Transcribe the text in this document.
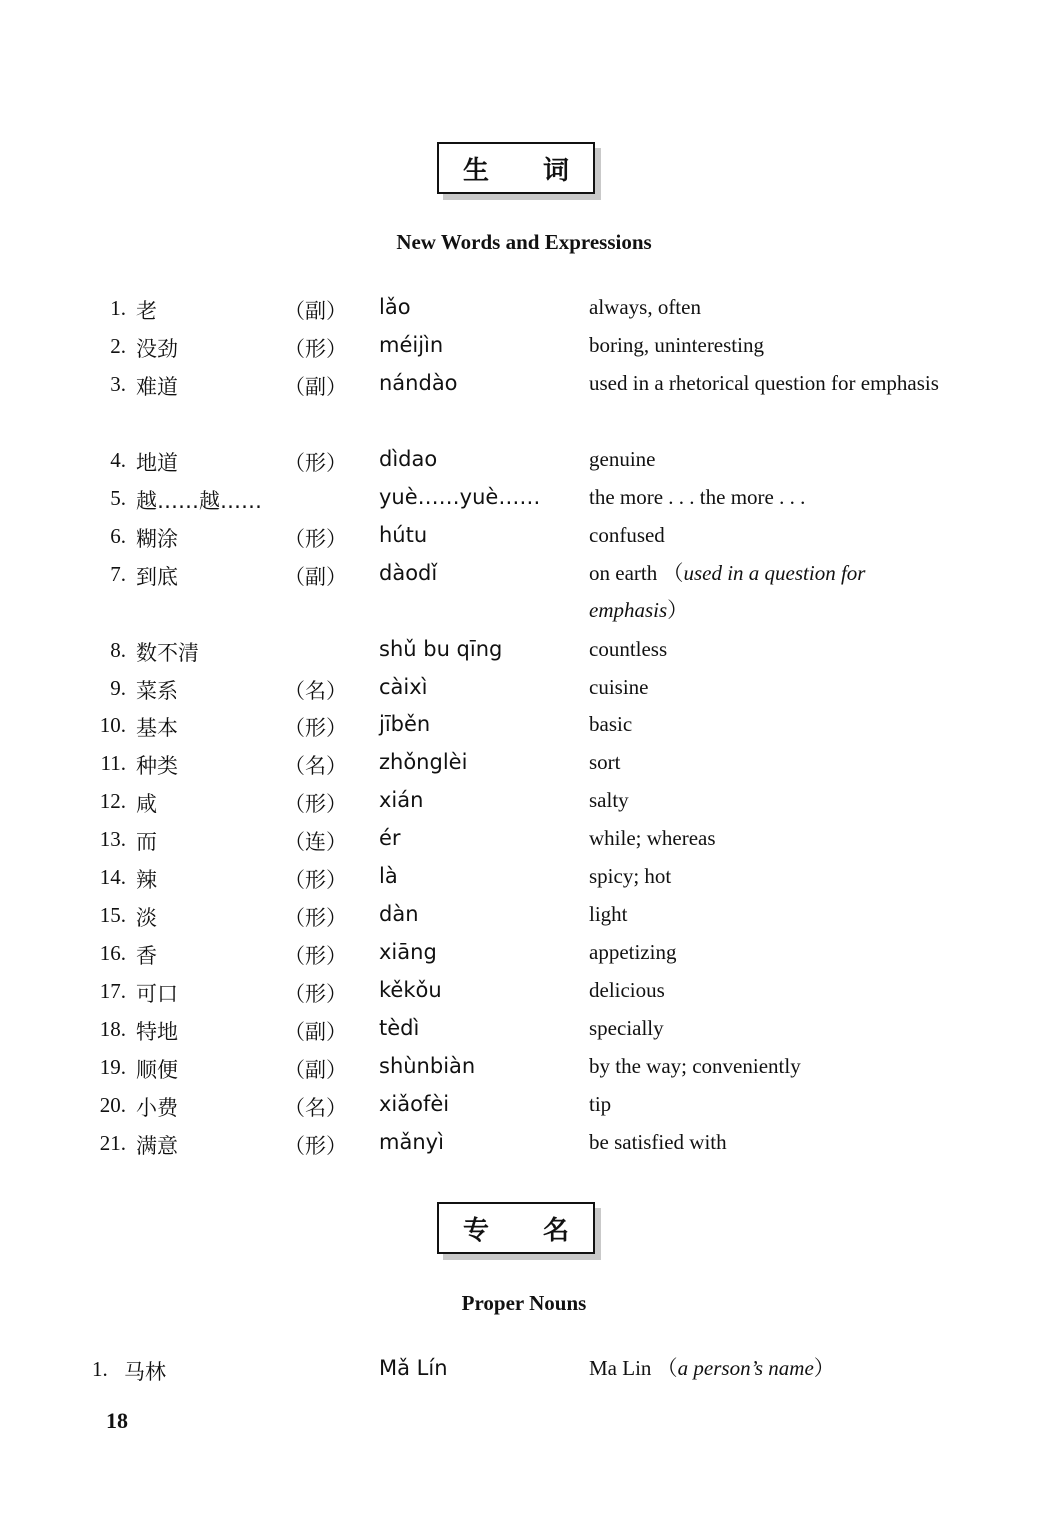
生 词
New Words and Expressions
1. 老	（副） lǎo	always, often
2. 没劲	（形） méijìn	boring, uninteresting
3. 难道	（副） nándào	used in a rhetorical question for emphasis
4. 地道	（形） dìdao	genuine
5. 越……越……	yuè……yuè…… the more . . . the more . . .
6. 糊涂	（形） hútu	confused
7. 到底	（副） dàodǐ	on earth （used in a question for emphasis）
8. 数不清	shǔ bu qīng	countless
9. 菜系	（名） càixì	cuisine
10. 基本	（形） jīběn	basic
11. 种类	（名） zhǒnglèi	sort
12. 咸	（形） xián	salty
13. 而	（连） ér	while; whereas
14. 辣	（形） là	spicy; hot
15. 淡	（形） dàn	light
16. 香	（形） xiāng	appetizing
17. 可口	（形） kěkǒu	delicious
18. 特地	（副） tèdì	specially
19. 顺便	（副） shùnbiàn	by the way; conveniently
20. 小费	（名） xiǎofèi	tip
21. 满意	（形） mǎnyì	be satisfied with
专 名
Proper Nouns
1. 马林	Mǎ Lín	Ma Lin （a person’s name）
18
